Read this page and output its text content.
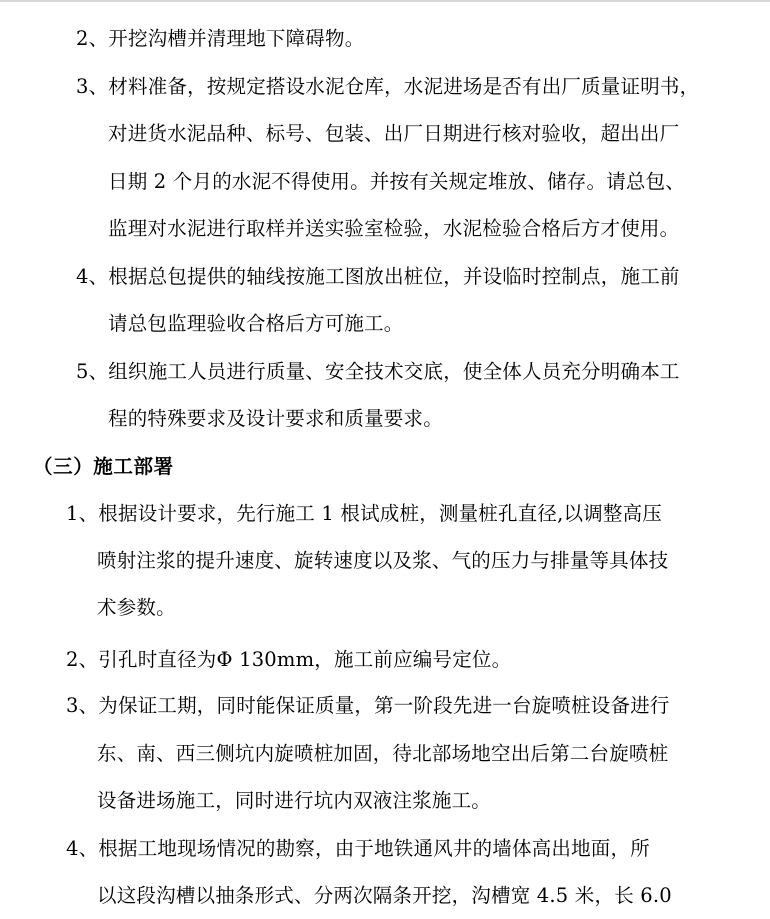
2、开挖沟槽并清理地下障碍物。
3、材料准备，按规定搭设水泥仓库，水泥进场是否有出厂质量证明书，
对进货水泥品种、标号、包装、出厂日期进行核对验收，超出出厂
日期 2 个月的水泥不得使用。并按有关规定堆放、储存。请总包、
监理对水泥进行取样并送实验室检验，水泥检验合格后方才使用。
4、根据总包提供的轴线按施工图放出桩位，并设临时控制点，施工前
请总包监理验收合格后方可施工。
5、组织施工人员进行质量、安全技术交底，使全体人员充分明确本工
程的特殊要求及设计要求和质量要求。
（三）施工部署
1、根据设计要求，先行施工 1 根试成桩，测量桩孔直径,以调整高压
喷射注浆的提升速度、旋转速度以及浆、气的压力与排量等具体技
术参数。
2、引孔时直径为Φ 130mm，施工前应编号定位。
3、为保证工期，同时能保证质量，第一阶段先进一台旋喷桩设备进行
东、南、西三侧坑内旋喷桩加固，待北部场地空出后第二台旋喷桩
设备进场施工，同时进行坑内双液注浆施工。
4、根据工地现场情况的勘察，由于地铁通风井的墙体高出地面，所
以这段沟槽以抽条形式、分两次隔条开挖，沟槽宽 4.5 米，长 6.0
